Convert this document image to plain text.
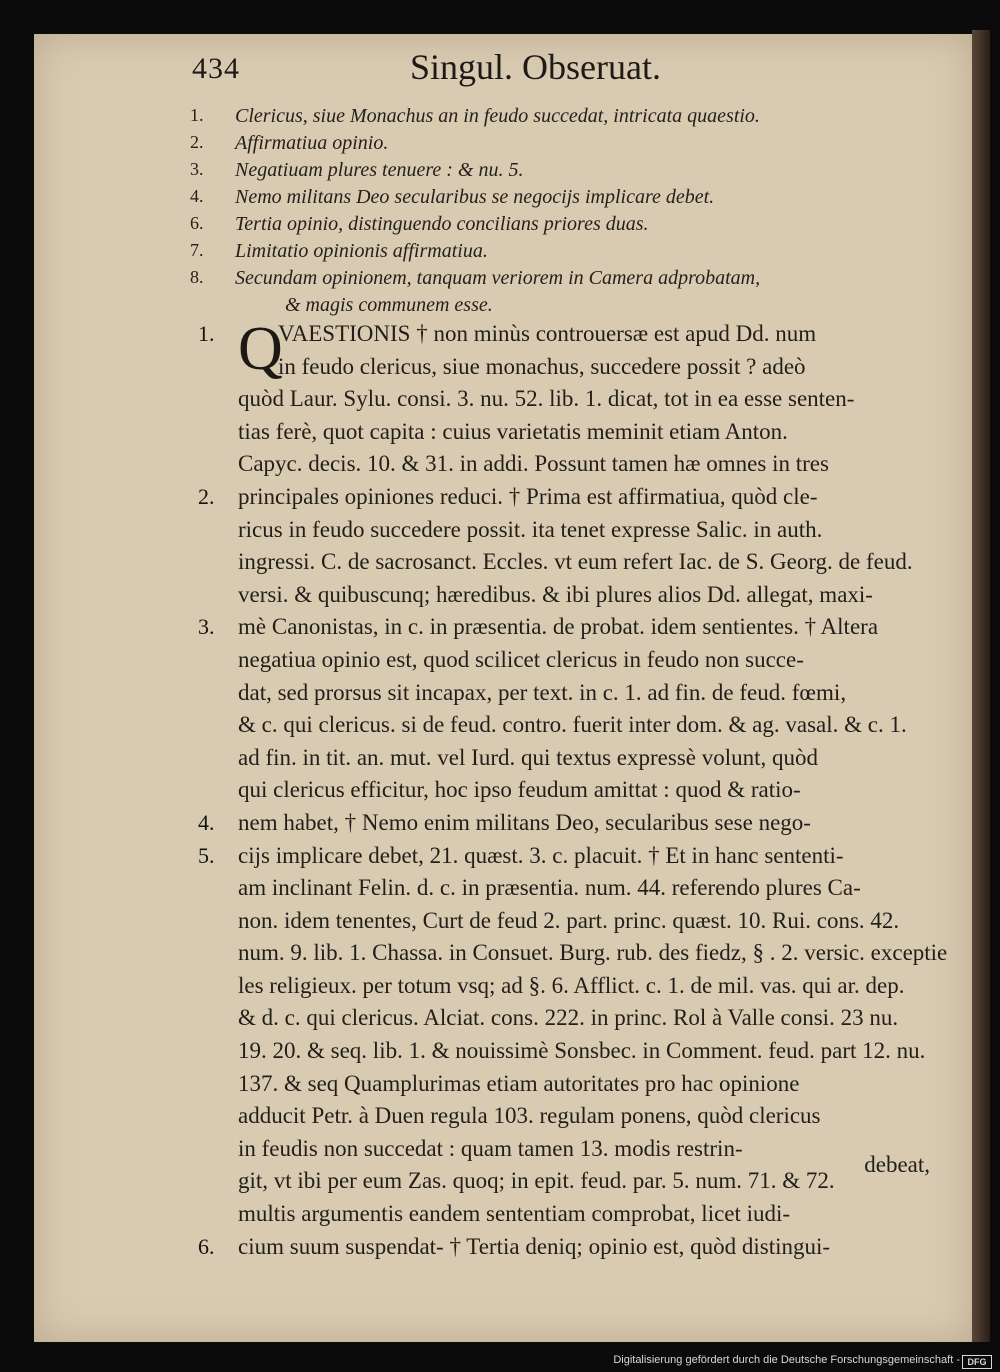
434	Singul. Obseruat.
1.	Clericus, siue Monachus an in feudo succedat, intricata quaestio.
2.	Affirmatiua opinio.
3.	Negatiuam plures tenuere : & nu. 5.
4.	Nemo militans Deo secularibus se negocijs implicare debet.
6.	Tertia opinio, distinguendo concilians priores duas.
7.	Limitatio opinionis affirmatiua.
8.	Secundam opinionem, tanquam veriorem in Camera adprobatam,
& magis communem esse.
1. Q
VAESTIONIS † non minùs controuersæ est apud Dd. num
in feudo clericus, siue monachus, succedere possit ? adeò
quòd Laur. Sylu. consi. 3. nu. 52. lib. 1. dicat, tot in ea esse senten-
tias ferè, quot capita : cuius varietatis meminit etiam Anton.
Capyc. decis. 10. & 31. in addi. Possunt tamen hæ omnes in tres
2.	principales opiniones reduci. † Prima est affirmatiua, quòd cle-
ricus in feudo succedere possit. ita tenet expresse Salic. in auth.
ingressi. C. de sacrosanct. Eccles. vt eum refert Iac. de S. Georg. de feud.
versi. & quibuscunq; hæredibus. & ibi plures alios Dd. allegat, maxi-
3.	mè Canonistas, in c. in præsentia. de probat. idem sentientes. † Altera
negatiua opinio est, quod scilicet clericus in feudo non succe-
dat, sed prorsus sit incapax, per text. in c. 1. ad fin. de feud. fœmi,
& c. qui clericus. si de feud. contro. fuerit inter dom. & ag. vasal. & c. 1.
ad fin. in tit. an. mut. vel Iurd. qui textus expressè volunt, quòd
qui clericus efficitur, hoc ipso feudum amittat : quod & ratio-
4.	nem habet, † Nemo enim militans Deo, secularibus sese nego-
5.	cijs implicare debet, 21. quæst. 3. c. placuit. † Et in hanc sententi-
am inclinant Felin. d. c. in præsentia. num. 44. referendo plures Ca-
non. idem tenentes, Curt de feud 2. part. princ. quæst. 10. Rui. cons. 42.
num. 9. lib. 1. Chassa. in Consuet. Burg. rub. des fiedz, § . 2. versic. exceptie
les religieux. per totum vsq; ad §. 6. Afflict. c. 1. de mil. vas. qui ar. dep.
& d. c. qui clericus. Alciat. cons. 222. in princ. Rol à Valle consi. 23 nu.
19. 20. & seq. lib. 1. & nouissimè Sonsbec. in Comment. feud. part 12. nu.
137. & seq Quamplurimas etiam autoritates pro hac opinione
adducit Petr. à Duen regula 103. regulam ponens, quòd clericus
in feudis non succedat : quam tamen 13. modis restrin-
git, vt ibi per eum Zas. quoq; in epit. feud. par. 5. num. 71. & 72.
multis argumentis eandem sententiam comprobat, licet iudi-
6.	cium suum suspendat- † Tertia deniq; opinio est, quòd distingui-
debeat,
Digitalisierung gefördert durch die Deutsche Forschungsgemeinschaft - DFG
